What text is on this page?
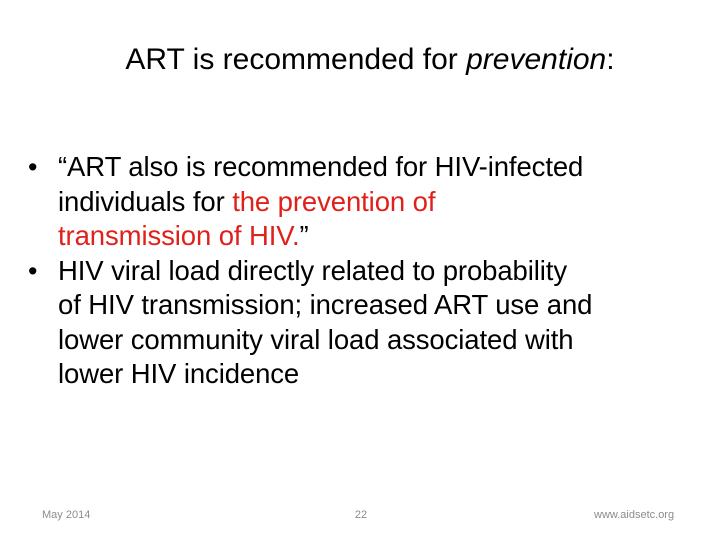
ART is recommended for prevention:
• “ART also is recommended for HIV-infected
individuals for the prevention of
transmission of HIV.”
• HIV viral load directly related to probability
of HIV transmission; increased ART use and
lower community viral load associated with
lower HIV incidence
May 2014	22	www.aidsetc.org
